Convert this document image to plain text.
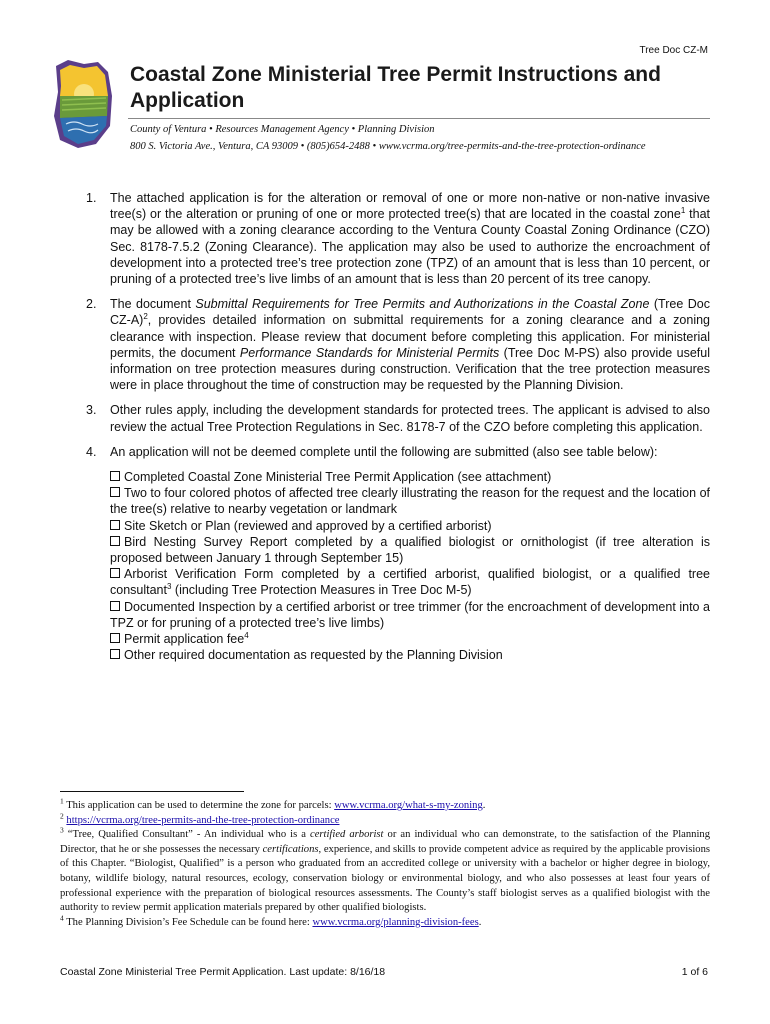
Tree Doc CZ-M
Coastal Zone Ministerial Tree Permit Instructions and Application
County of Ventura • Resources Management Agency • Planning Division
800 S. Victoria Ave., Ventura, CA 93009 • (805)654-2488 • www.vcrma.org/tree-permits-and-the-tree-protection-ordinance
1. The attached application is for the alteration or removal of one or more non-native or non-native invasive tree(s) or the alteration or pruning of one or more protected tree(s) that are located in the coastal zone$^1$ that may be allowed with a zoning clearance according to the Ventura County Coastal Zoning Ordinance (CZO) Sec. 8178-7.5.2 (Zoning Clearance). The application may also be used to authorize the encroachment of development into a protected tree’s tree protection zone (TPZ) of an amount that is less than 10 percent, or pruning of a protected tree’s live limbs of an amount that is less than 20 percent of its tree canopy.
2. The document Submittal Requirements for Tree Permits and Authorizations in the Coastal Zone (Tree Doc CZ-A)$^2$, provides detailed information on submittal requirements for a zoning clearance and a zoning clearance with inspection. Please review that document before completing this application. For ministerial permits, the document Performance Standards for Ministerial Permits (Tree Doc M-PS) also provide useful information on tree protection measures during construction. Verification that the tree protection measures were in place throughout the time of construction may be requested by the Planning Division.
3. Other rules apply, including the development standards for protected trees. The applicant is advised to also review the actual Tree Protection Regulations in Sec. 8178-7 of the CZO before completing this application.
4. An application will not be deemed complete until the following are submitted (also see table below):
Completed Coastal Zone Ministerial Tree Permit Application (see attachment)
Two to four colored photos of affected tree clearly illustrating the reason for the request and the location of the tree(s) relative to nearby vegetation or landmark
Site Sketch or Plan (reviewed and approved by a certified arborist)
Bird Nesting Survey Report completed by a qualified biologist or ornithologist (if tree alteration is proposed between January 1 through September 15)
Arborist Verification Form completed by a certified arborist, qualified biologist, or a qualified tree consultant$^3$ (including Tree Protection Measures in Tree Doc M-5)
Documented Inspection by a certified arborist or tree trimmer (for the encroachment of development into a TPZ or for pruning of a protected tree’s live limbs)
Permit application fee$^4$
Other required documentation as requested by the Planning Division
$^1$ This application can be used to determine the zone for parcels: www.vcrma.org/what-s-my-zoning.
$^2$ https://vcrma.org/tree-permits-and-the-tree-protection-ordinance
$^3$ “Tree, Qualified Consultant” - An individual who is a certified arborist or an individual who can demonstrate, to the satisfaction of the Planning Director, that he or she possesses the necessary certifications, experience, and skills to provide competent advice as required by the applicable provisions of this Chapter. “Biologist, Qualified” is a person who graduated from an accredited college or university with a bachelor or higher degree in biology, botany, wildlife biology, natural resources, ecology, conservation biology or environmental biology, and who also possesses at least four years of professional experience with the preparation of biological resources assessments. The County’s staff biologist serves as a qualified biologist with the authority to review permit application materials prepared by other qualified biologists.
$^4$ The Planning Division’s Fee Schedule can be found here: www.vcrma.org/planning-division-fees.
Coastal Zone Ministerial Tree Permit Application. Last update: 8/16/18	1 of 6
